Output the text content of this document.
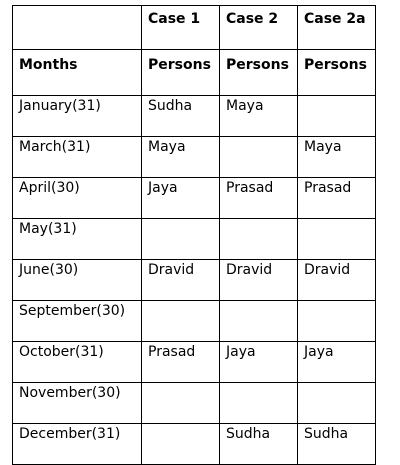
	Case 1	Case 2	Case 2a
Months	Persons	Persons	Persons
January(31)	Sudha	Maya	
March(31)	Maya		Maya
April(30)	Jaya	Prasad	Prasad
May(31)			
June(30)	Dravid	Dravid	Dravid
September(30)			
October(31)	Prasad	Jaya	Jaya
November(30)			
December(31)		Sudha	Sudha
